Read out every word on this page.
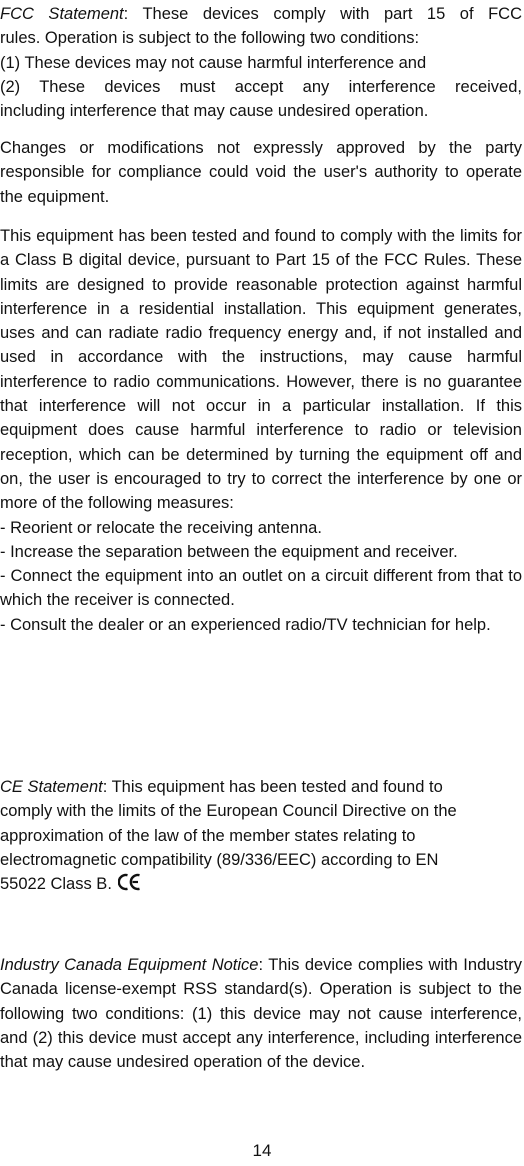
FCC Statement: These devices comply with part 15 of FCC
rules. Operation is subject to the following two conditions:
(1) These devices may not cause harmful interference and
(2) These devices must accept any interference received,
including interference that may cause undesired operation.

Changes or modifications not expressly approved by the party responsible for compliance could void the user's authority to operate the equipment.

This equipment has been tested and found to comply with the limits for a Class B digital device, pursuant to Part 15 of the FCC Rules. These limits are designed to provide reasonable protection against harmful interference in a residential installation. This equipment generates, uses and can radiate radio frequency energy and, if not installed and used in accordance with the instructions, may cause harmful interference to radio communications. However, there is no guarantee that interference will not occur in a particular installation. If this equipment does cause harmful interference to radio or television reception, which can be determined by turning the equipment off and on, the user is encouraged to try to correct the interference by one or more of the following measures:
- Reorient or relocate the receiving antenna.
- Increase the separation between the equipment and receiver.
- Connect the equipment into an outlet on a circuit different from that to which the receiver is connected.
- Consult the dealer or an experienced radio/TV technician for help.
CE Statement: This equipment has been tested and found to
comply with the limits of the European Council Directive on the
approximation of the law of the member states relating to
electromagnetic compatibility (89/336/EEC) according to EN
55022 Class B.

Industry Canada Equipment Notice: This device complies with Industry Canada license-exempt RSS standard(s). Operation is subject to the following two conditions: (1) this device may not cause interference, and (2) this device must accept any interference, including interference that may cause undesired operation of the device.

14
